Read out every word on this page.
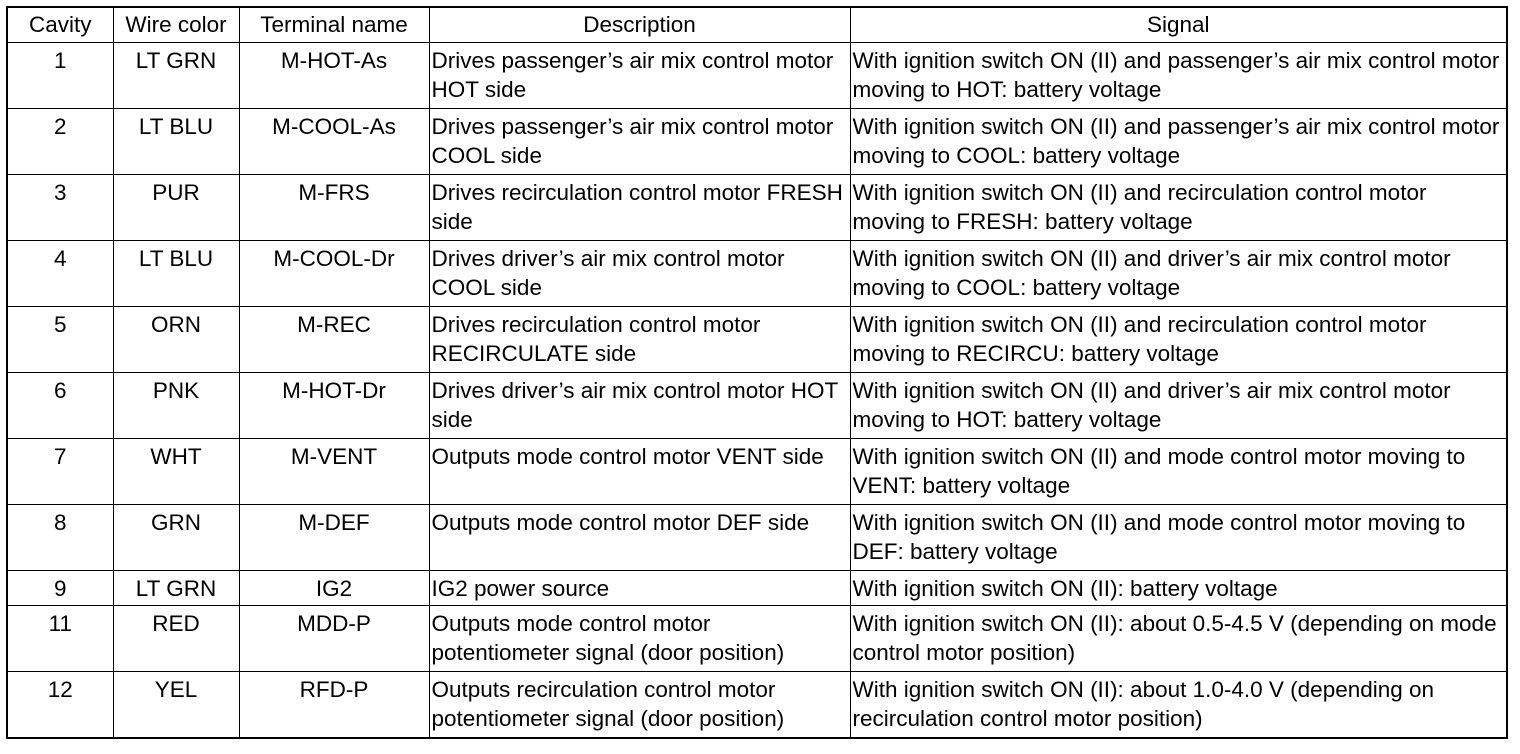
Cavity	Wire color	Terminal name	Description	Signal
1	LT GRN	M-HOT-As	Drives passenger’s air mix control motor HOT side	With ignition switch ON (II) and passenger’s air mix control motor moving to HOT: battery voltage
2	LT BLU	M-COOL-As	Drives passenger’s air mix control motor COOL side	With ignition switch ON (II) and passenger’s air mix control motor moving to COOL: battery voltage
3	PUR	M-FRS	Drives recirculation control motor FRESH side	With ignition switch ON (II) and recirculation control motor moving to FRESH: battery voltage
4	LT BLU	M-COOL-Dr	Drives driver’s air mix control motor COOL side	With ignition switch ON (II) and driver’s air mix control motor moving to COOL: battery voltage
5	ORN	M-REC	Drives recirculation control motor RECIRCULATE side	With ignition switch ON (II) and recirculation control motor moving to RECIRCU: battery voltage
6	PNK	M-HOT-Dr	Drives driver’s air mix control motor HOT side	With ignition switch ON (II) and driver’s air mix control motor moving to HOT: battery voltage
7	WHT	M-VENT	Outputs mode control motor VENT side	With ignition switch ON (II) and mode control motor moving to VENT: battery voltage
8	GRN	M-DEF	Outputs mode control motor DEF side	With ignition switch ON (II) and mode control motor moving to DEF: battery voltage
9	LT GRN	IG2	IG2 power source	With ignition switch ON (II): battery voltage
11	RED	MDD-P	Outputs mode control motor potentiometer signal (door position)	With ignition switch ON (II): about 0.5-4.5 V (depending on mode control motor position)
12	YEL	RFD-P	Outputs recirculation control motor potentiometer signal (door position)	With ignition switch ON (II): about 1.0-4.0 V (depending on recirculation control motor position)
